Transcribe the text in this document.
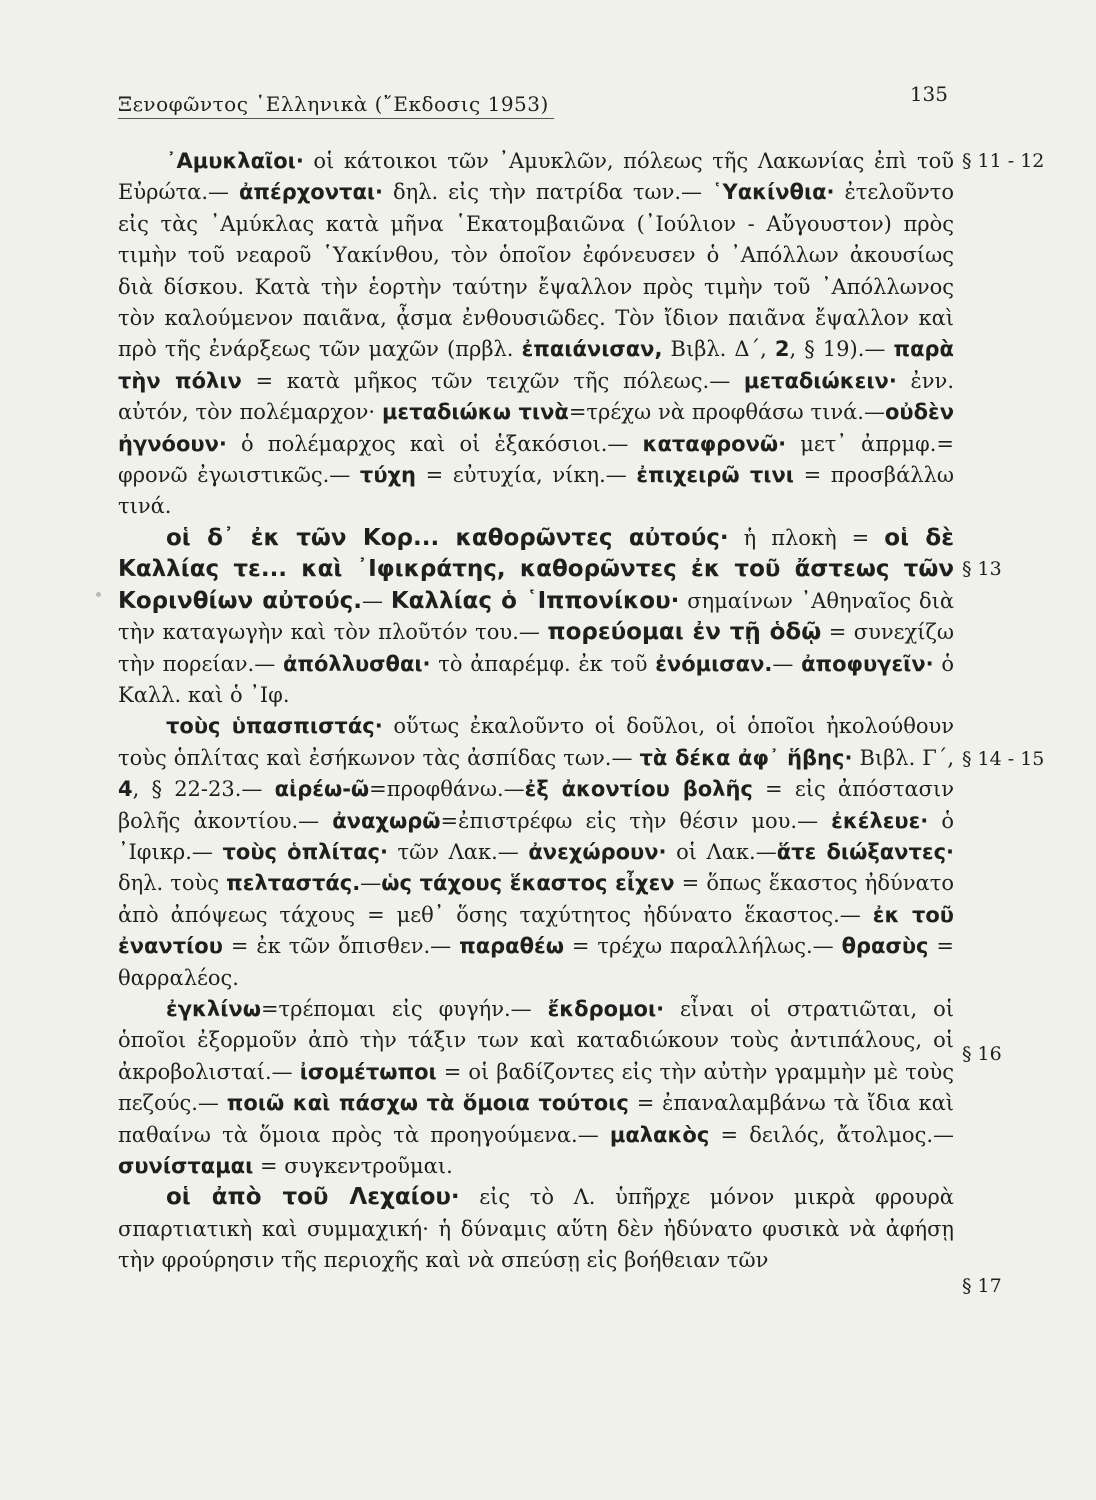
Ξενοφῶντος ῾Ελληνικὰ (῎Εκδοσις 1953)	135
§ 11 - 12
§ 13
§ 14 - 15
§ 16
§ 17

᾿Αμυκλαῖοι· οἱ κάτοικοι τῶν ᾿Αμυκλῶν, πόλεως τῆς Λακωνίας ἐπὶ τοῦ Εὐρώτα.— ἀπέρχονται· δηλ. εἰς τὴν πατρίδα των.— ῾Υακίνθια· ἐτελοῦντο εἰς τὰς ᾿Αμύκλας κατὰ μῆνα ῾Εκατομβαιῶνα (᾿Ιούλιον - Αὔγουστον) πρὸς τιμὴν τοῦ νεαροῦ ῾Υακίνθου, τὸν ὁποῖον ἐφόνευσεν ὁ ᾿Απόλλων ἀκουσίως διὰ δίσκου. Κατὰ τὴν ἑορτὴν ταύτην ἔψαλλον πρὸς τιμὴν τοῦ ᾿Απόλλωνος τὸν καλούμενον παιᾶνα, ᾆσμα ἐνθουσιῶδες. Τὸν ἴδιον παιᾶνα ἔψαλλον καὶ πρὸ τῆς ἐνάρξεως τῶν μαχῶν (πρβλ. ἐπαιάνισαν, Βιβλ. Δ΄, 2, § 19).— παρὰ τὴν πόλιν = κατὰ μῆκος τῶν τειχῶν τῆς πόλεως.— μεταδιώκειν· ἐνν. αὐτόν, τὸν πολέμαρχον· μεταδιώκω τινὰ=τρέχω νὰ προφθάσω τινά.—οὐδὲν ἠγνόουν· ὁ πολέμαρχος καὶ οἱ ἑξακόσιοι.— καταφρονῶ· μετ᾿ ἀπρμφ.= φρονῶ ἐγωιστικῶς.— τύχη = εὐτυχία, νίκη.— ἐπιχειρῶ τινι = προσβάλλω τινά.

οἱ δ᾿ ἐκ τῶν Κορ... καθορῶντες αὐτούς· ἡ πλοκὴ = οἱ δὲ Καλλίας τε... καὶ ᾿Ιφικράτης, καθορῶντες ἐκ τοῦ ἄστεως τῶν Κορινθίων αὐτούς.— Καλλίας ὁ ῾Ιππονίκου· σημαίνων ᾿Αθηναῖος διὰ τὴν καταγωγὴν καὶ τὸν πλοῦτόν του.— πορεύομαι ἐν τῇ ὁδῷ = συνεχίζω τὴν πορείαν.— ἀπόλλυσθαι· τὸ ἀπαρέμφ. ἐκ τοῦ ἐνόμισαν.— ἀποφυγεῖν· ὁ Καλλ. καὶ ὁ ᾿Ιφ.

τοὺς ὑπασπιστάς· οὕτως ἐκαλοῦντο οἱ δοῦλοι, οἱ ὁποῖοι ἠκολούθουν τοὺς ὁπλίτας καὶ ἐσήκωνον τὰς ἀσπίδας των.— τὰ δέκα ἀφ᾿ ἥβης· Βιβλ. Γ΄, 4, § 22-23.— αἱρέω-ῶ=προφθάνω.—ἐξ ἀκοντίου βολῆς = εἰς ἀπόστασιν βολῆς ἀκοντίου.— ἀναχωρῶ=ἐπιστρέφω εἰς τὴν θέσιν μου.— ἐκέλευε· ὁ ᾿Ιφικρ.— τοὺς ὁπλίτας· τῶν Λακ.— ἀνεχώρουν· οἱ Λακ.—ἅτε διώξαντες· δηλ. τοὺς πελταστάς.—ὡς τάχους ἕκαστος εἶχεν = ὅπως ἕκαστος ἠδύνατο ἀπὸ ἀπόψεως τάχους = μεθ᾿ ὅσης ταχύτητος ἠδύνατο ἕκαστος.— ἐκ τοῦ ἐναντίου = ἐκ τῶν ὄπισθεν.— παραθέω = τρέχω παραλλήλως.— θρασὺς = θαρραλέος.

ἐγκλίνω=τρέπομαι εἰς φυγήν.— ἔκδρομοι· εἶναι οἱ στρατιῶται, οἱ ὁποῖοι ἐξορμοῦν ἀπὸ τὴν τάξιν των καὶ καταδιώκουν τοὺς ἀντιπάλους, οἱ ἀκροβολισταί.— ἰσομέτωποι = οἱ βαδίζοντες εἰς τὴν αὐτὴν γραμμὴν μὲ τοὺς πεζούς.— ποιῶ καὶ πάσχω τὰ ὅμοια τούτοις = ἐπαναλαμβάνω τὰ ἴδια καὶ παθαίνω τὰ ὅμοια πρὸς τὰ προηγούμενα.— μαλακὸς = δειλός, ἄτολμος.— συνίσταμαι = συγκεντροῦμαι.

οἱ ἀπὸ τοῦ Λεχαίου· εἰς τὸ Λ. ὑπῆρχε μόνον μικρὰ φρουρὰ σπαρτιατικὴ καὶ συμμαχική· ἡ δύναμις αὕτη δὲν ἠδύνατο φυσικὰ νὰ ἀφήσῃ τὴν φρούρησιν τῆς περιοχῆς καὶ νὰ σπεύσῃ εἰς βοήθειαν τῶν
